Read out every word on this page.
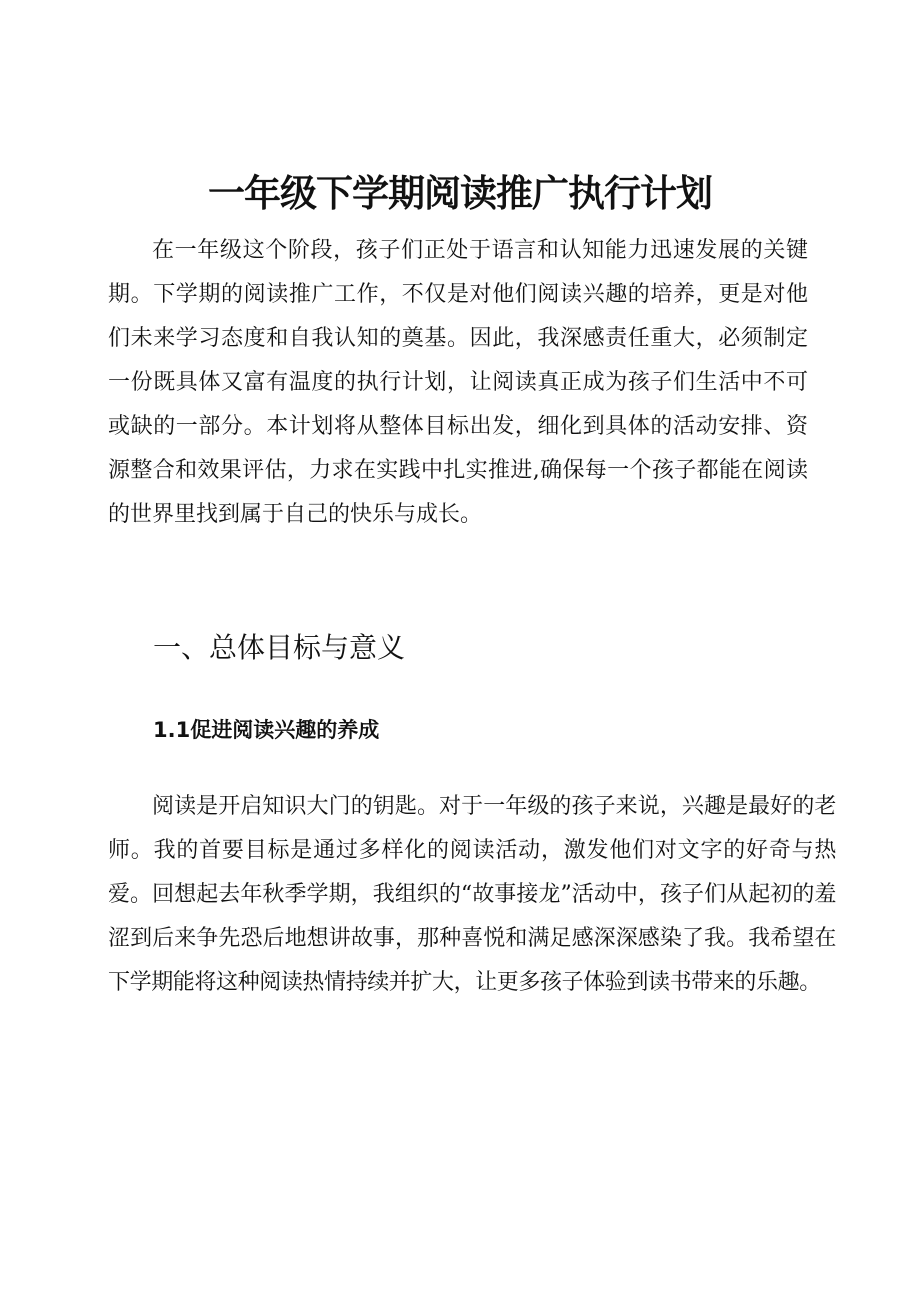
一年级下学期阅读推广执行计划

在一年级这个阶段，孩子们正处于语言和认知能力迅速发展的关键期。下学期的阅读推广工作，不仅是对他们阅读兴趣的培养，更是对他们未来学习态度和自我认知的奠基。因此，我深感责任重大，必须制定一份既具体又富有温度的执行计划，让阅读真正成为孩子们生活中不可或缺的一部分。本计划将从整体目标出发，细化到具体的活动安排、资源整合和效果评估，力求在实践中扎实推进,确保每一个孩子都能在阅读的世界里找到属于自己的快乐与成长。

一、总体目标与意义
1.1促进阅读兴趣的养成

阅读是开启知识大门的钥匙。对于一年级的孩子来说，兴趣是最好的老师。我的首要目标是通过多样化的阅读活动，激发他们对文字的好奇与热爱。回想起去年秋季学期，我组织的“故事接龙”活动中，孩子们从起初的羞涩到后来争先恐后地想讲故事，那种喜悦和满足感深深感染了我。我希望在下学期能将这种阅读热情持续并扩大，让更多孩子体验到读书带来的乐趣。
